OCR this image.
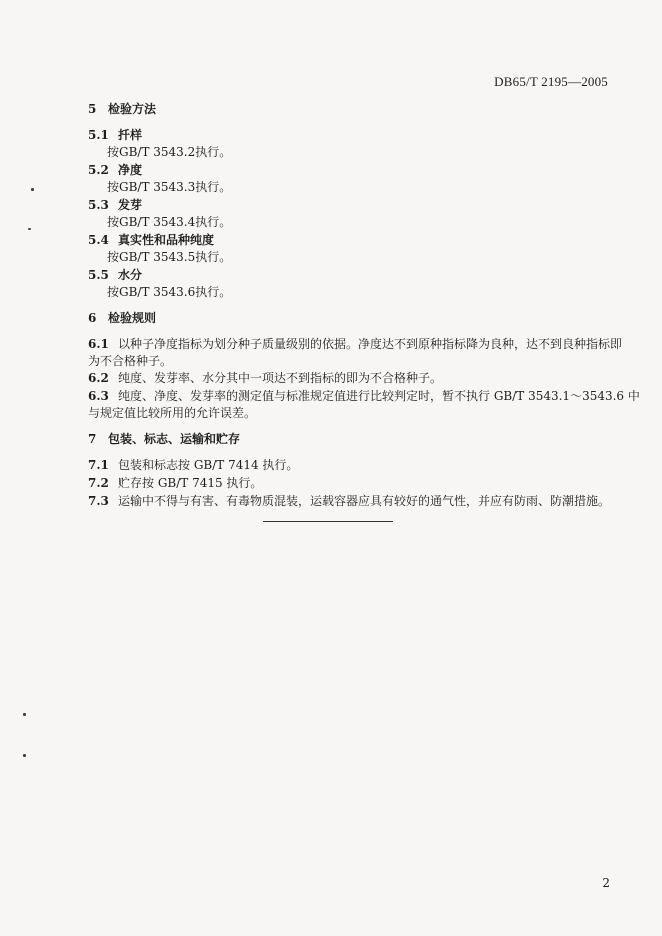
DB65/T 2195—2005
5 检验方法
5.1 扦样
按GB/T 3543.2执行。
5.2 净度
按GB/T 3543.3执行。
5.3 发芽
按GB/T 3543.4执行。
5.4 真实性和品种纯度
按GB/T 3543.5执行。
5.5 水分
按GB/T 3543.6执行。
6 检验规则
6.1 以种子净度指标为划分种子质量级别的依据。净度达不到原种指标降为良种，达不到良种指标即
为不合格种子。
6.2 纯度、发芽率、水分其中一项达不到指标的即为不合格种子。
6.3 纯度、净度、发芽率的测定值与标准规定值进行比较判定时，暂不执行 GB/T 3543.1～3543.6 中
与规定值比较所用的允许误差。
7 包装、标志、运输和贮存
7.1 包装和标志按 GB/T 7414 执行。
7.2 贮存按 GB/T 7415 执行。
7.3 运输中不得与有害、有毒物质混装，运载容器应具有较好的通气性，并应有防雨、防潮措施。
2
